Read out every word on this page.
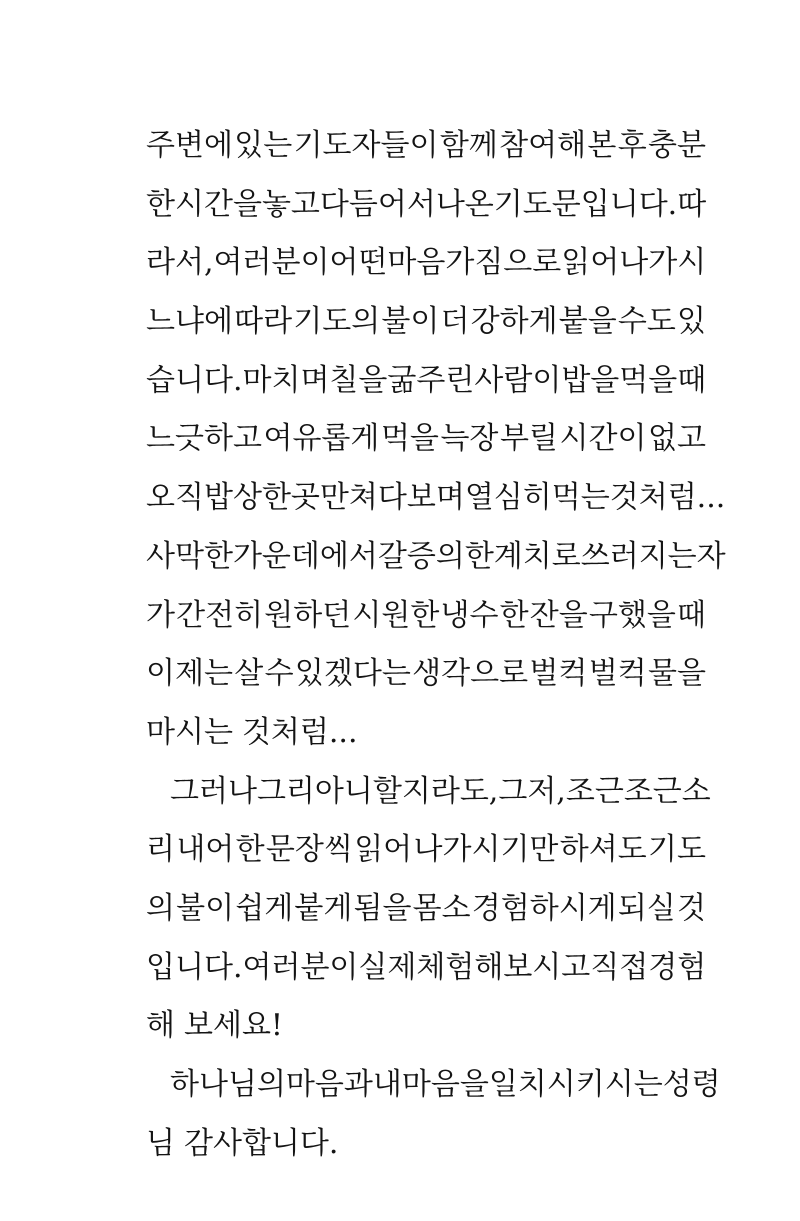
주변에 있는 기도자들이 함께 참여해 본 후 충분
한 시간을 놓고 다듬어서 나온 기도문입니다. 따
라서, 여러분이 어떤 마음가짐으로 읽어 나가시
느냐에 따라 기도의 불이 더 강하게 붙을 수도 있
습니다. 마치 며칠을 굶주린 사람이 밥을 먹을 때
느긋하고 여유롭게 먹을 늑장 부릴 시간이 없고
오직 밥상 한곳만 쳐다보며 열심히 먹는 것처럼...
사막 한 가운데에서 갈증의 한계치로 쓰러지는 자
가 간전히 원하던 시원한 냉수 한 잔을 구했을 때
이제는 살 수 있겠다는 생각으로 벌컥 벌컥 물을
마시는 것처럼...
그러나 그리 아니할지라도, 그저, 조근 조근 소
리 내어 한 문장씩 읽어 나가시기만 하셔도 기도
의 불이 쉽게 붙게 됨을 몸소 경험하시게 되실 것
입니다. 여러분이 실제 체험해 보시고 직접 경험
해 보세요!
하나님의 마음과 내 마음을 일치시키시는 성령
님 감사합니다.
